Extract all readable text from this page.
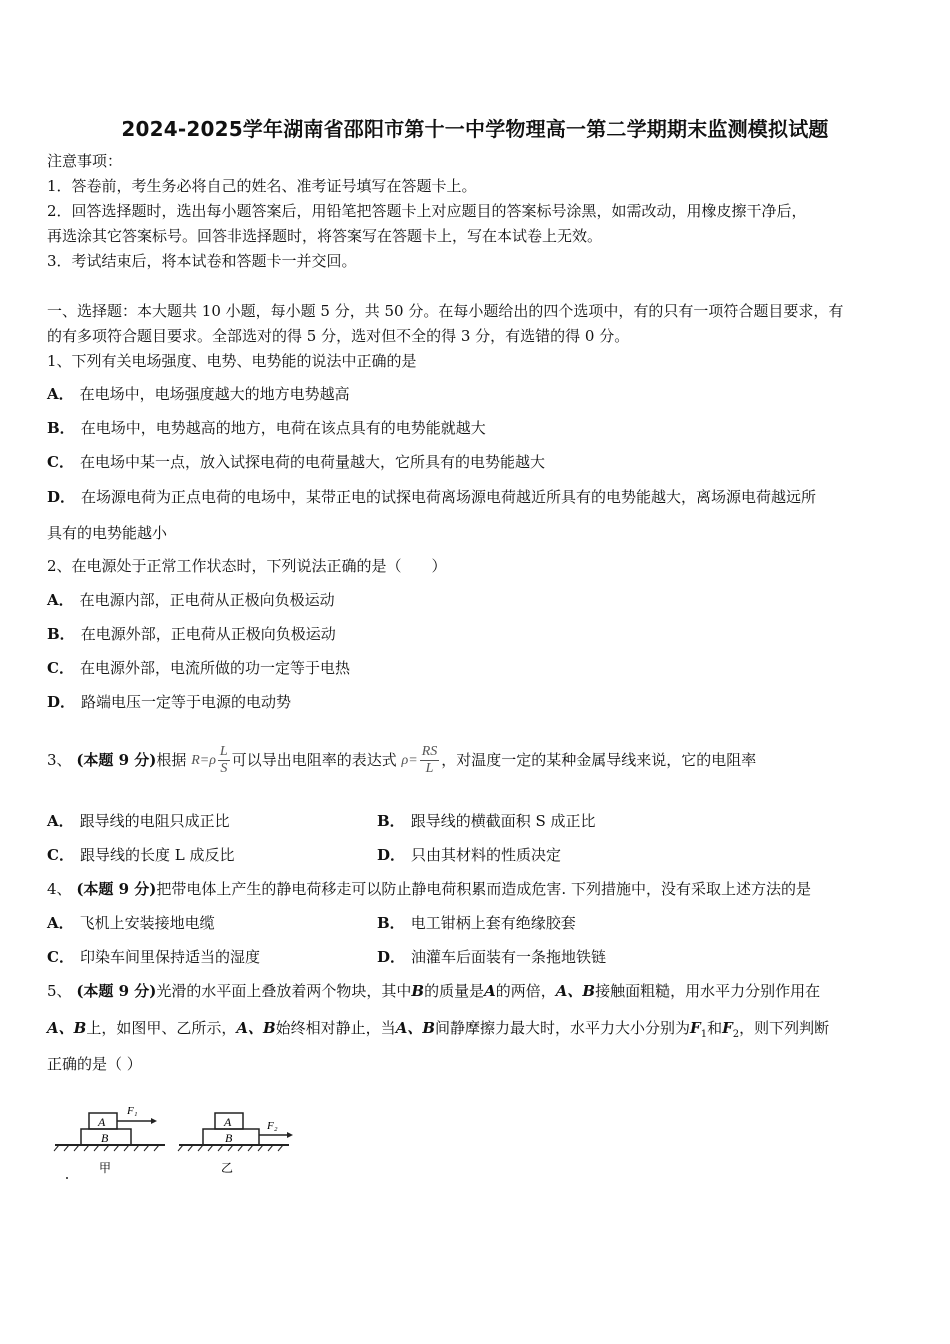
2024-2025学年湖南省邵阳市第十一中学物理高一第二学期期末监测模拟试题
注意事项：
1．答卷前，考生务必将自己的姓名、准考证号填写在答题卡上。
2．回答选择题时，选出每小题答案后，用铅笔把答题卡上对应题目的答案标号涂黑，如需改动，用橡皮擦干净后，
再选涂其它答案标号。回答非选择题时，将答案写在答题卡上，写在本试卷上无效。
3．考试结束后，将本试卷和答题卡一并交回。
一、选择题：本大题共 10 小题，每小题 5 分，共 50 分。在每小题给出的四个选项中，有的只有一项符合题目要求，有
的有多项符合题目要求。全部选对的得 5 分，选对但不全的得 3 分，有选错的得 0 分。
1、下列有关电场强度、电势、电势能的说法中正确的是
A． 在电场中，电场强度越大的地方电势越高
B． 在电场中，电势越高的地方，电荷在该点具有的电势能就越大
C． 在电场中某一点，放入试探电荷的电荷量越大，它所具有的电势能越大
D． 在场源电荷为正点电荷的电场中，某带正电的试探电荷离场源电荷越近所具有的电势能越大，离场源电荷越远所
具有的电势能越小
2、在电源处于正常工作状态时，下列说法正确的是（　　）
A． 在电源内部，正电荷从正极向负极运动
B． 在电源外部，正电荷从正极向负极运动
C． 在电源外部，电流所做的功一定等于电热
D． 路端电压一定等于电源的电动势
3、 (本题 9 分)根据 $R=\rho \frac{L}{S}$ 可以导出电阻率的表达式 $\rho= \frac{RS}{L}$ ，对温度一定的某种金属导线来说，它的电阻率
A． 跟导线的电阻只成正比	B． 跟导线的横截面积 S 成正比
C． 跟导线的长度 L 成反比	D． 只由其材料的性质决定
4、 (本题 9 分)把带电体上产生的静电荷移走可以防止静电荷积累而造成危害. 下列措施中，没有采取上述方法的是
A． 飞机上安装接地电缆	B． 电工钳柄上套有绝缘胶套
C． 印染车间里保持适当的湿度	D． 油灌车后面装有一条拖地铁链
5、 (本题 9 分)光滑的水平面上叠放着两个物块，其中B的质量是A的两倍，A、B接触面粗糙，用水平力分别作用在
A、B上，如图甲、乙所示，A、B始终相对静止，当A、B间静摩擦力最大时，水平力大小分别为$F_1$和$F_2$，则下列判断
正确的是（ ）
B
A
F₁
甲
B
A	F₂
乙
